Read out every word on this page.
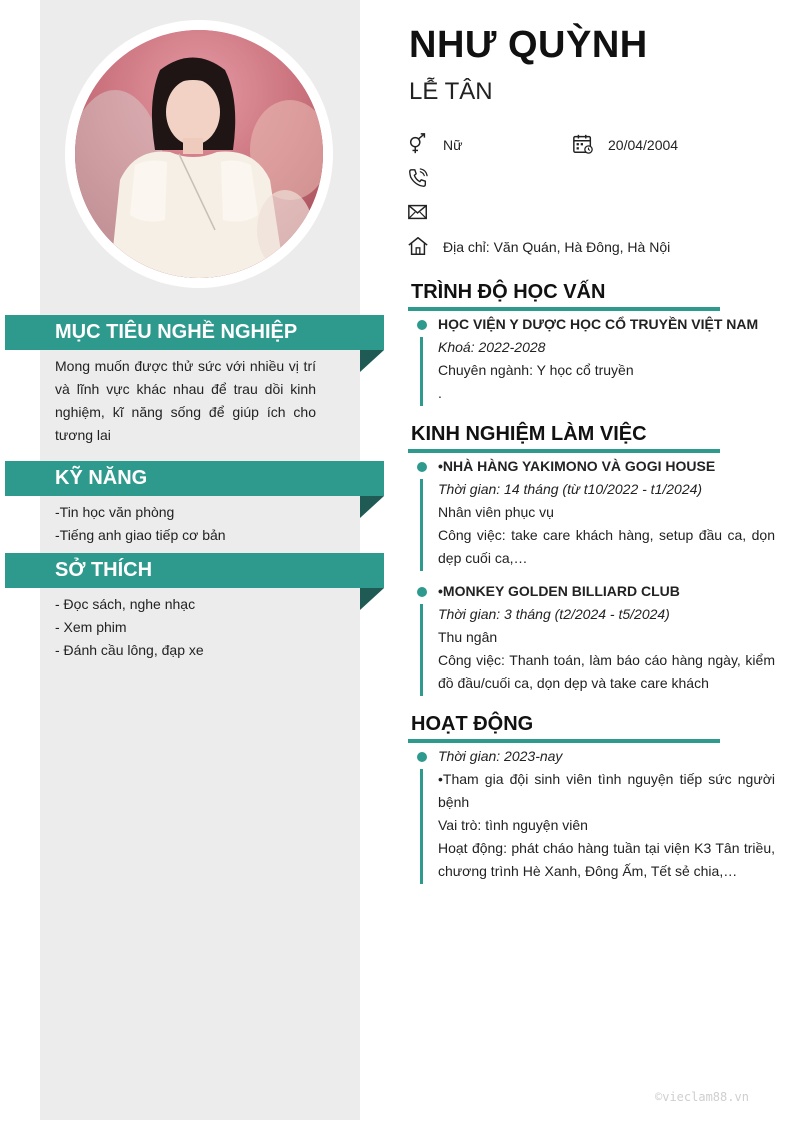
MỤC TIÊU NGHỀ NGHIỆP
Mong muốn được thử sức với nhiều vị trí và lĩnh vực khác nhau để trau dồi kinh nghiệm, kĩ năng sống để giúp ích cho tương lai
KỸ NĂNG
-Tin học văn phòng
-Tiếng anh giao tiếp cơ bản
SỞ THÍCH
- Đọc sách, nghe nhạc
- Xem phim
- Đánh cầu lông, đạp xe
NHƯ QUỲNH
LỄ TÂN
Nữ	20/04/2004
Địa chỉ: Văn Quán, Hà Đông, Hà Nội
TRÌNH ĐỘ HỌC VẤN
HỌC VIỆN Y DƯỢC HỌC CỔ TRUYỀN VIỆT NAM
Khoá: 2022-2028
Chuyên ngành: Y học cổ truyền
.
KINH NGHIỆM LÀM VIỆC
•NHÀ HÀNG YAKIMONO VÀ GOGI HOUSE
Thời gian: 14 tháng (từ t10/2022 - t1/2024)
Nhân viên phục vụ
Công việc: take care khách hàng, setup đầu ca, dọn dẹp cuối ca,…
•MONKEY GOLDEN BILLIARD CLUB
Thời gian: 3 tháng (t2/2024 - t5/2024)
Thu ngân
Công việc: Thanh toán, làm báo cáo hàng ngày, kiểm đồ đầu/cuối ca, dọn dẹp và take care khách
HOẠT ĐỘNG
Thời gian: 2023-nay
•Tham gia đội sinh viên tình nguyện tiếp sức người bệnh
Vai trò: tình nguyện viên
Hoạt động: phát cháo hàng tuần tại viện K3 Tân triều, chương trình Hè Xanh, Đông Ấm, Tết sẻ chia,…
©vieclam88.vn
